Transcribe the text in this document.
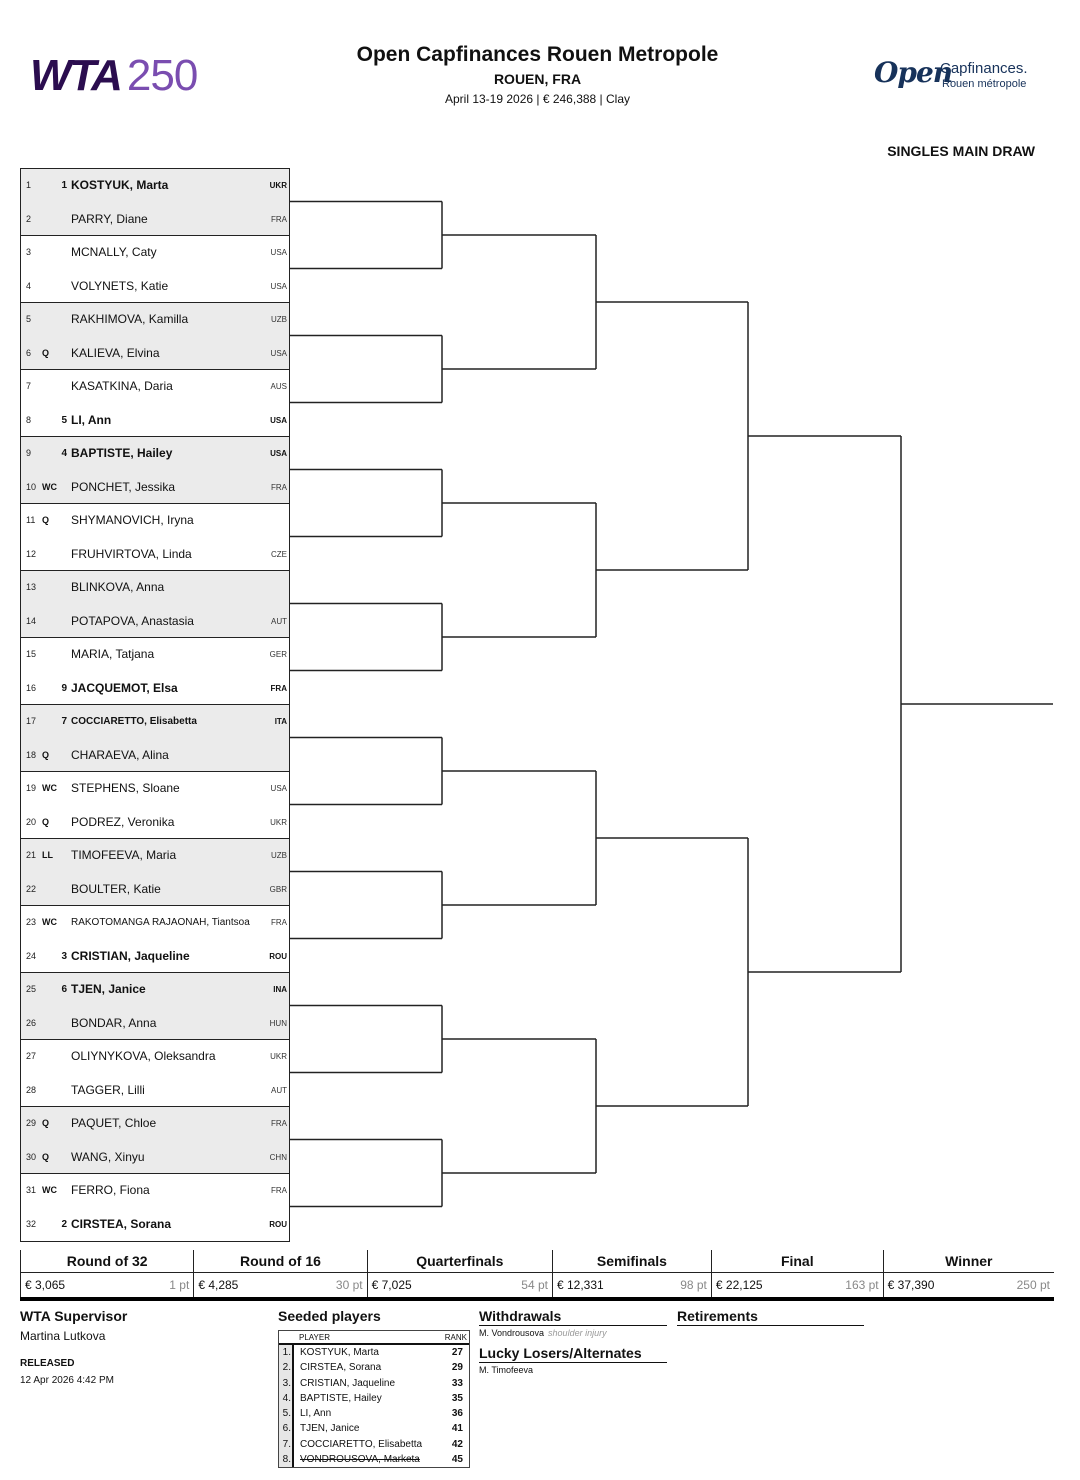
WTA 250	Open Capfinances Rouen Metropole
ROUEN, FRA
April 13-19 2026 | € 246,388 | Clay
Open
Capfinances.
Rouen métropole
SINGLES MAIN DRAW
1	1 KOSTYUK, Marta	UKR
2	PARRY, Diane	FRA
3	MCNALLY, Caty	USA
4	VOLYNETS, Katie	USA
5	RAKHIMOVA, Kamilla	UZB
6 Q KALIEVA, Elvina	USA
7	KASATKINA, Daria	AUS
8	5 LI, Ann	USA
9	4 BAPTISTE, Hailey	USA
10 WC PONCHET, Jessika	FRA
11 Q SHYMANOVICH, Iryna
12	FRUHVIRTOVA, Linda	CZE
13	BLINKOVA, Anna
14	POTAPOVA, Anastasia	AUT
15	MARIA, Tatjana	GER
16	9 JACQUEMOT, Elsa	FRA
17	7 COCCIARETTO, Elisabetta	ITA
18 Q CHARAEVA, Alina
19 WC STEPHENS, Sloane	USA
20 Q PODREZ, Veronika	UKR
21 LL TIMOFEEVA, Maria	UZB
22	BOULTER, Katie	GBR
23 WC RAKOTOMANGA RAJAONAH, Tiantsoa	FRA
24	3 CRISTIAN, Jaqueline	ROU
25	6 TJEN, Janice	INA
26	BONDAR, Anna	HUN
27	OLIYNYKOVA, Oleksandra	UKR
28	TAGGER, Lilli	AUT
29 Q PAQUET, Chloe	FRA
30 Q WANG, Xinyu	CHN
31 WC FERRO, Fiona	FRA
32	2 CIRSTEA, Sorana	ROU
Round of 32	Round of 16	Quarterfinals	Semifinals	Final	Winner
€ 3,065 1 pt	€ 4,285 30 pt	€ 7,025 54 pt	€ 12,331 98 pt	€ 22,125 163 pt	€ 37,390 250 pt
WTA Supervisor
Martina Lutkova
RELEASED
12 Apr 2026 4:42 PM
Seeded players
PLAYER	RANK
1. KOSTYUK, Marta	27
2. CIRSTEA, Sorana	29
3. CRISTIAN, Jaqueline	33
4. BAPTISTE, Hailey	35
5. LI, Ann	36
6. TJEN, Janice	41
7. COCCIARETTO, Elisabetta	42
8. VONDROUSOVA, Marketa	45
Withdrawals
M. Vondrousova shoulder injury
Lucky Losers/Alternates
M. Timofeeva
Retirements
